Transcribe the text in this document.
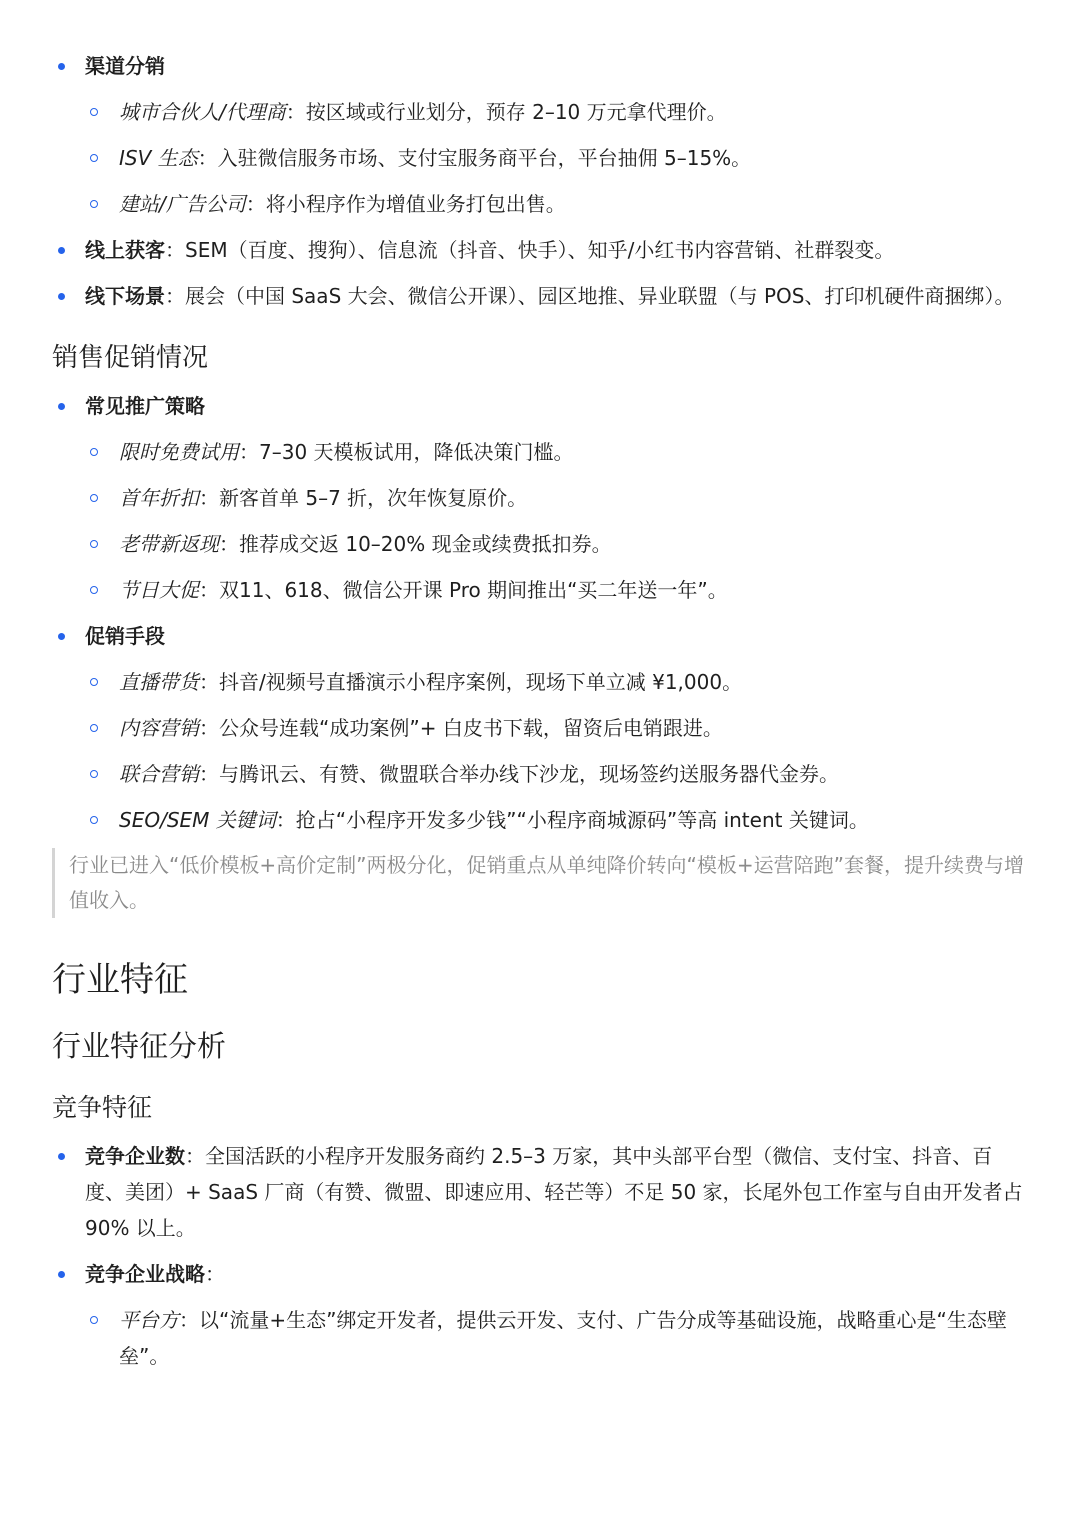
渠道分销
城市合伙人/代理商：按区域或行业划分，预存 2–10 万元拿代理价。
ISV 生态：入驻微信服务市场、支付宝服务商平台，平台抽佣 5–15%。
建站/广告公司：将小程序作为增值业务打包出售。
线上获客：SEM（百度、搜狗）、信息流（抖音、快手）、知乎/小红书内容营销、社群裂变。
线下场景：展会（中国 SaaS 大会、微信公开课）、园区地推、异业联盟（与 POS、打印机硬件商捆绑）。
销售促销情况
常见推广策略
限时免费试用：7–30 天模板试用，降低决策门槛。
首年折扣：新客首单 5–7 折，次年恢复原价。
老带新返现：推荐成交返 10–20% 现金或续费抵扣券。
节日大促：双11、618、微信公开课 Pro 期间推出“买二年送一年”。
促销手段
直播带货：抖音/视频号直播演示小程序案例，现场下单立减 ¥1,000。
内容营销：公众号连载“成功案例”+ 白皮书下载，留资后电销跟进。
联合营销：与腾讯云、有赞、微盟联合举办线下沙龙，现场签约送服务器代金券。
SEO/SEM 关键词：抢占“小程序开发多少钱”“小程序商城源码”等高 intent 关键词。
行业已进入“低价模板+高价定制”两极分化，促销重点从单纯降价转向“模板+运营陪跑”套餐，提升续费与增值收入。
行业特征
行业特征分析
竞争特征
竞争企业数：全国活跃的小程序开发服务商约 2.5–3 万家，其中头部平台型（微信、支付宝、抖音、百度、美团）+ SaaS 厂商（有赞、微盟、即速应用、轻芒等）不足 50 家，长尾外包工作室与自由开发者占 90% 以上。
竞争企业战略：
平台方：以“流量+生态”绑定开发者，提供云开发、支付、广告分成等基础设施，战略重心是“生态壁垒”。
